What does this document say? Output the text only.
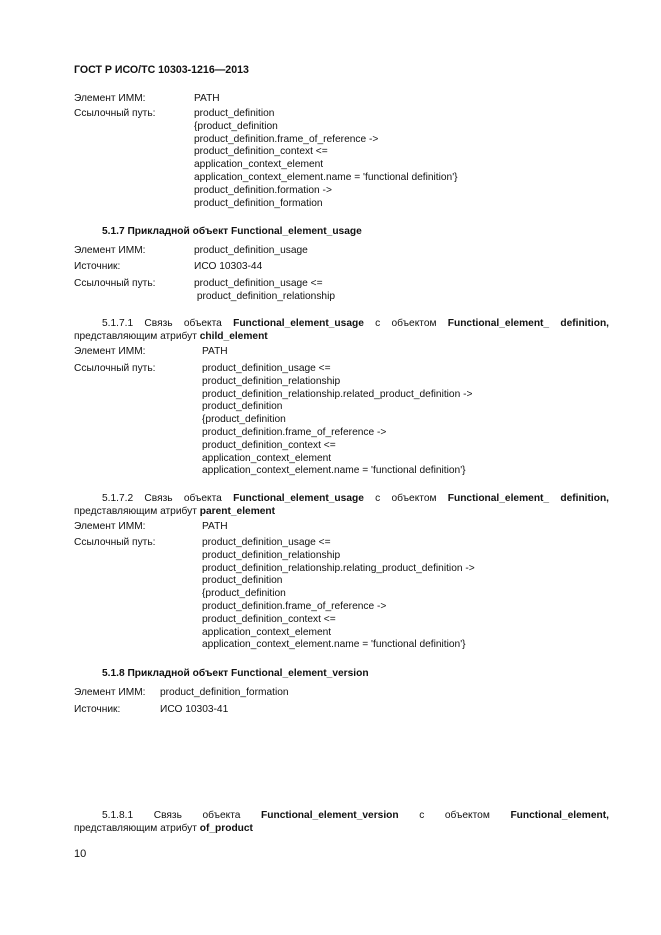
ГОСТ Р ИСО/ТС 10303-1216—2013
Элемент ИММ:	PATH
Ссылочный путь:	product_definition
{product_definition
product_definition.frame_of_reference ->
product_definition_context <=
application_context_element
application_context_element.name = 'functional definition'}
product_definition.formation ->
product_definition_formation
5.1.7 Прикладной объект Functional_element_usage
Элемент ИММ:	product_definition_usage
Источник:	ИСО 10303-44
Ссылочный путь:	product_definition_usage <=
product_definition_relationship
5.1.7.1 Связь объекта Functional_element_usage с объектом Functional_element_ definition,
представляющим атрибут child_element
Элемент ИММ:	PATH
Ссылочный путь:	product_definition_usage <=
product_definition_relationship
product_definition_relationship.related_product_definition ->
product_definition
{product_definition
product_definition.frame_of_reference ->
product_definition_context <=
application_context_element
application_context_element.name = 'functional definition'}
5.1.7.2 Связь объекта Functional_element_usage с объектом Functional_element_ definition,
представляющим атрибут parent_element
Элемент ИММ:	PATH
Ссылочный путь:	product_definition_usage <=
product_definition_relationship
product_definition_relationship.relating_product_definition ->
product_definition
{product_definition
product_definition.frame_of_reference ->
product_definition_context <=
application_context_element
application_context_element.name = 'functional definition'}
5.1.8 Прикладной объект Functional_element_version
Элемент ИММ: product_definition_formation
Источник:	ИСО 10303-41
5.1.8.1 Связь объекта Functional_element_version с объектом Functional_element,
представляющим атрибут of_product
10
